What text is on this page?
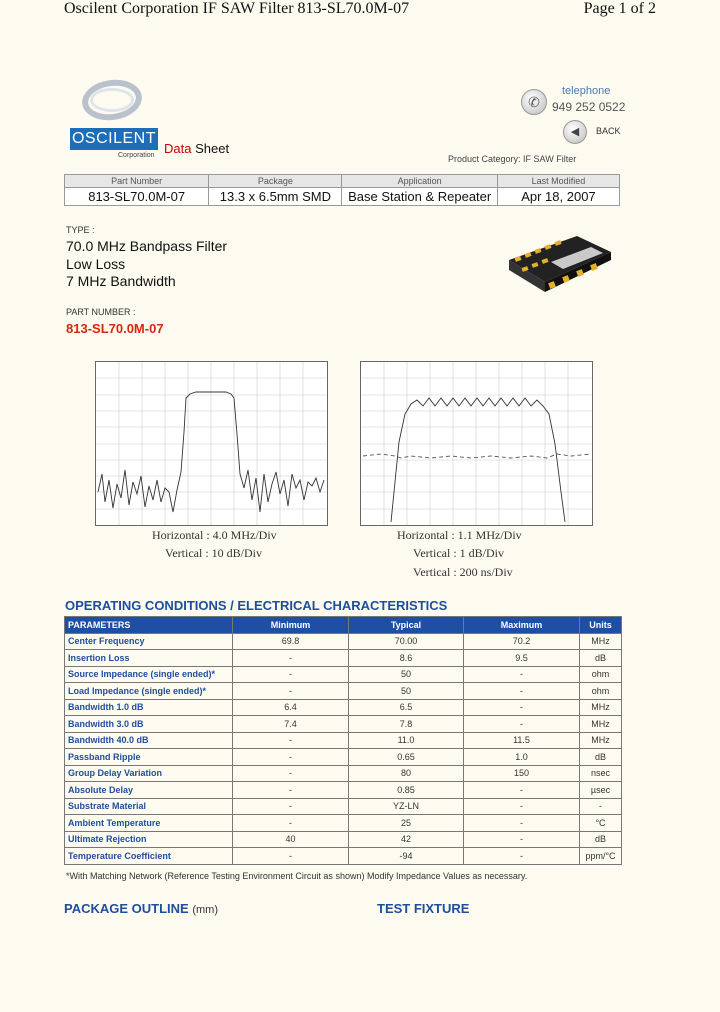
Oscilent Corporation IF SAW Filter 813-SL70.0M-07	Page 1 of 2
OSCILENT
Corporation Data Sheet
✆
telephone
949 252 0522
◀	BACK
Product Category: IF SAW Filter
Part Number	Package	Application	Last Modified
813-SL70.0M-07	13.3 x 6.5mm SMD	Base Station & Repeater	Apr 18, 2007
TYPE :
70.0 MHz Bandpass Filter
Low Loss
7 MHz Bandwidth
PART NUMBER :
813-SL70.0M-07
Horizontal : 4.0 MHz/Div
Vertical : 10 dB/Div
Horizontal : 1.1 MHz/Div
Vertical : 1 dB/Div
Vertical : 200 ns/Div
OPERATING CONDITIONS / ELECTRICAL CHARACTERISTICS
PARAMETERS	Minimum	Typical	Maximum	Units
Center Frequency	69.8	70.00	70.2	MHz
Insertion Loss	-	8.6	9.5	dB
Source Impedance (single ended)*	-	50	-	ohm
Load Impedance (single ended)*	-	50	-	ohm
Bandwidth 1.0 dB	6.4	6.5	-	MHz
Bandwidth 3.0 dB	7.4	7.8	-	MHz
Bandwidth 40.0 dB	-	11.0	11.5	MHz
Passband Ripple	-	0.65	1.0	dB
Group Delay Variation	-	80	150	nsec
Absolute Delay	-	0.85	-	µsec
Substrate Material	-	YZ-LN	-	-
Ambient Temperature	-	25	-	°C
Ultimate Rejection	40	42	-	dB
Temperature Coefficient	-	-94	-	ppm/°C
*With Matching Network (Reference Testing Environment Circuit as shown) Modify Impedance Values as necessary.
PACKAGE OUTLINE (mm)	TEST FIXTURE
